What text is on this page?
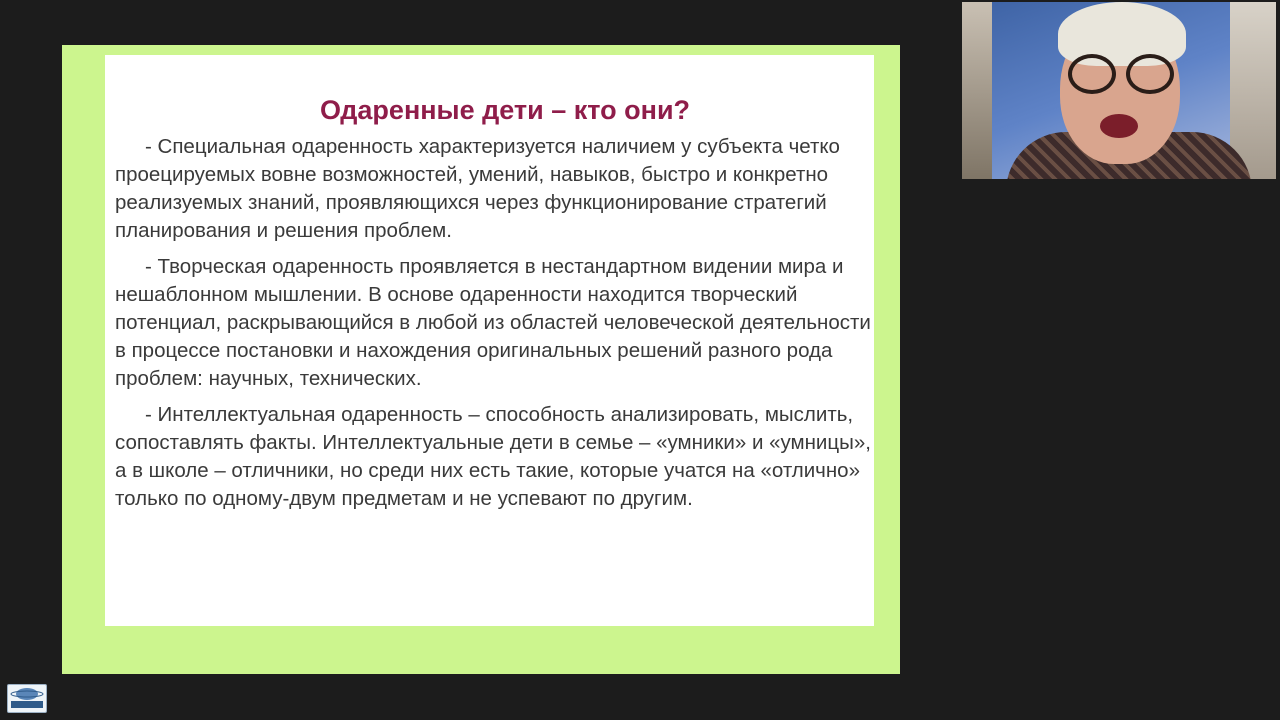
Одаренные дети – кто они?

- Специальная одаренность характеризуется наличием у субъекта четко проецируемых вовне возможностей, умений, навыков, быстро и конкретно реализуемых знаний, проявляющихся через функционирование стратегий планирования и решения проблем.

- Творческая одаренность проявляется в нестандартном видении мира и нешаблонном мышлении. В основе одаренности находится творческий потенциал, раскрывающийся в любой из областей человеческой деятельности в процессе постановки и нахождения оригинальных решений разного рода проблем: научных, технических.

- Интеллектуальная одаренность – способность анализировать, мыслить, сопоставлять факты. Интеллектуальные дети в семье – «умники» и «умницы», а в школе – отличники, но среди них есть такие, которые учатся на «отлично» только по одному-двум предметам и не успевают по другим.
